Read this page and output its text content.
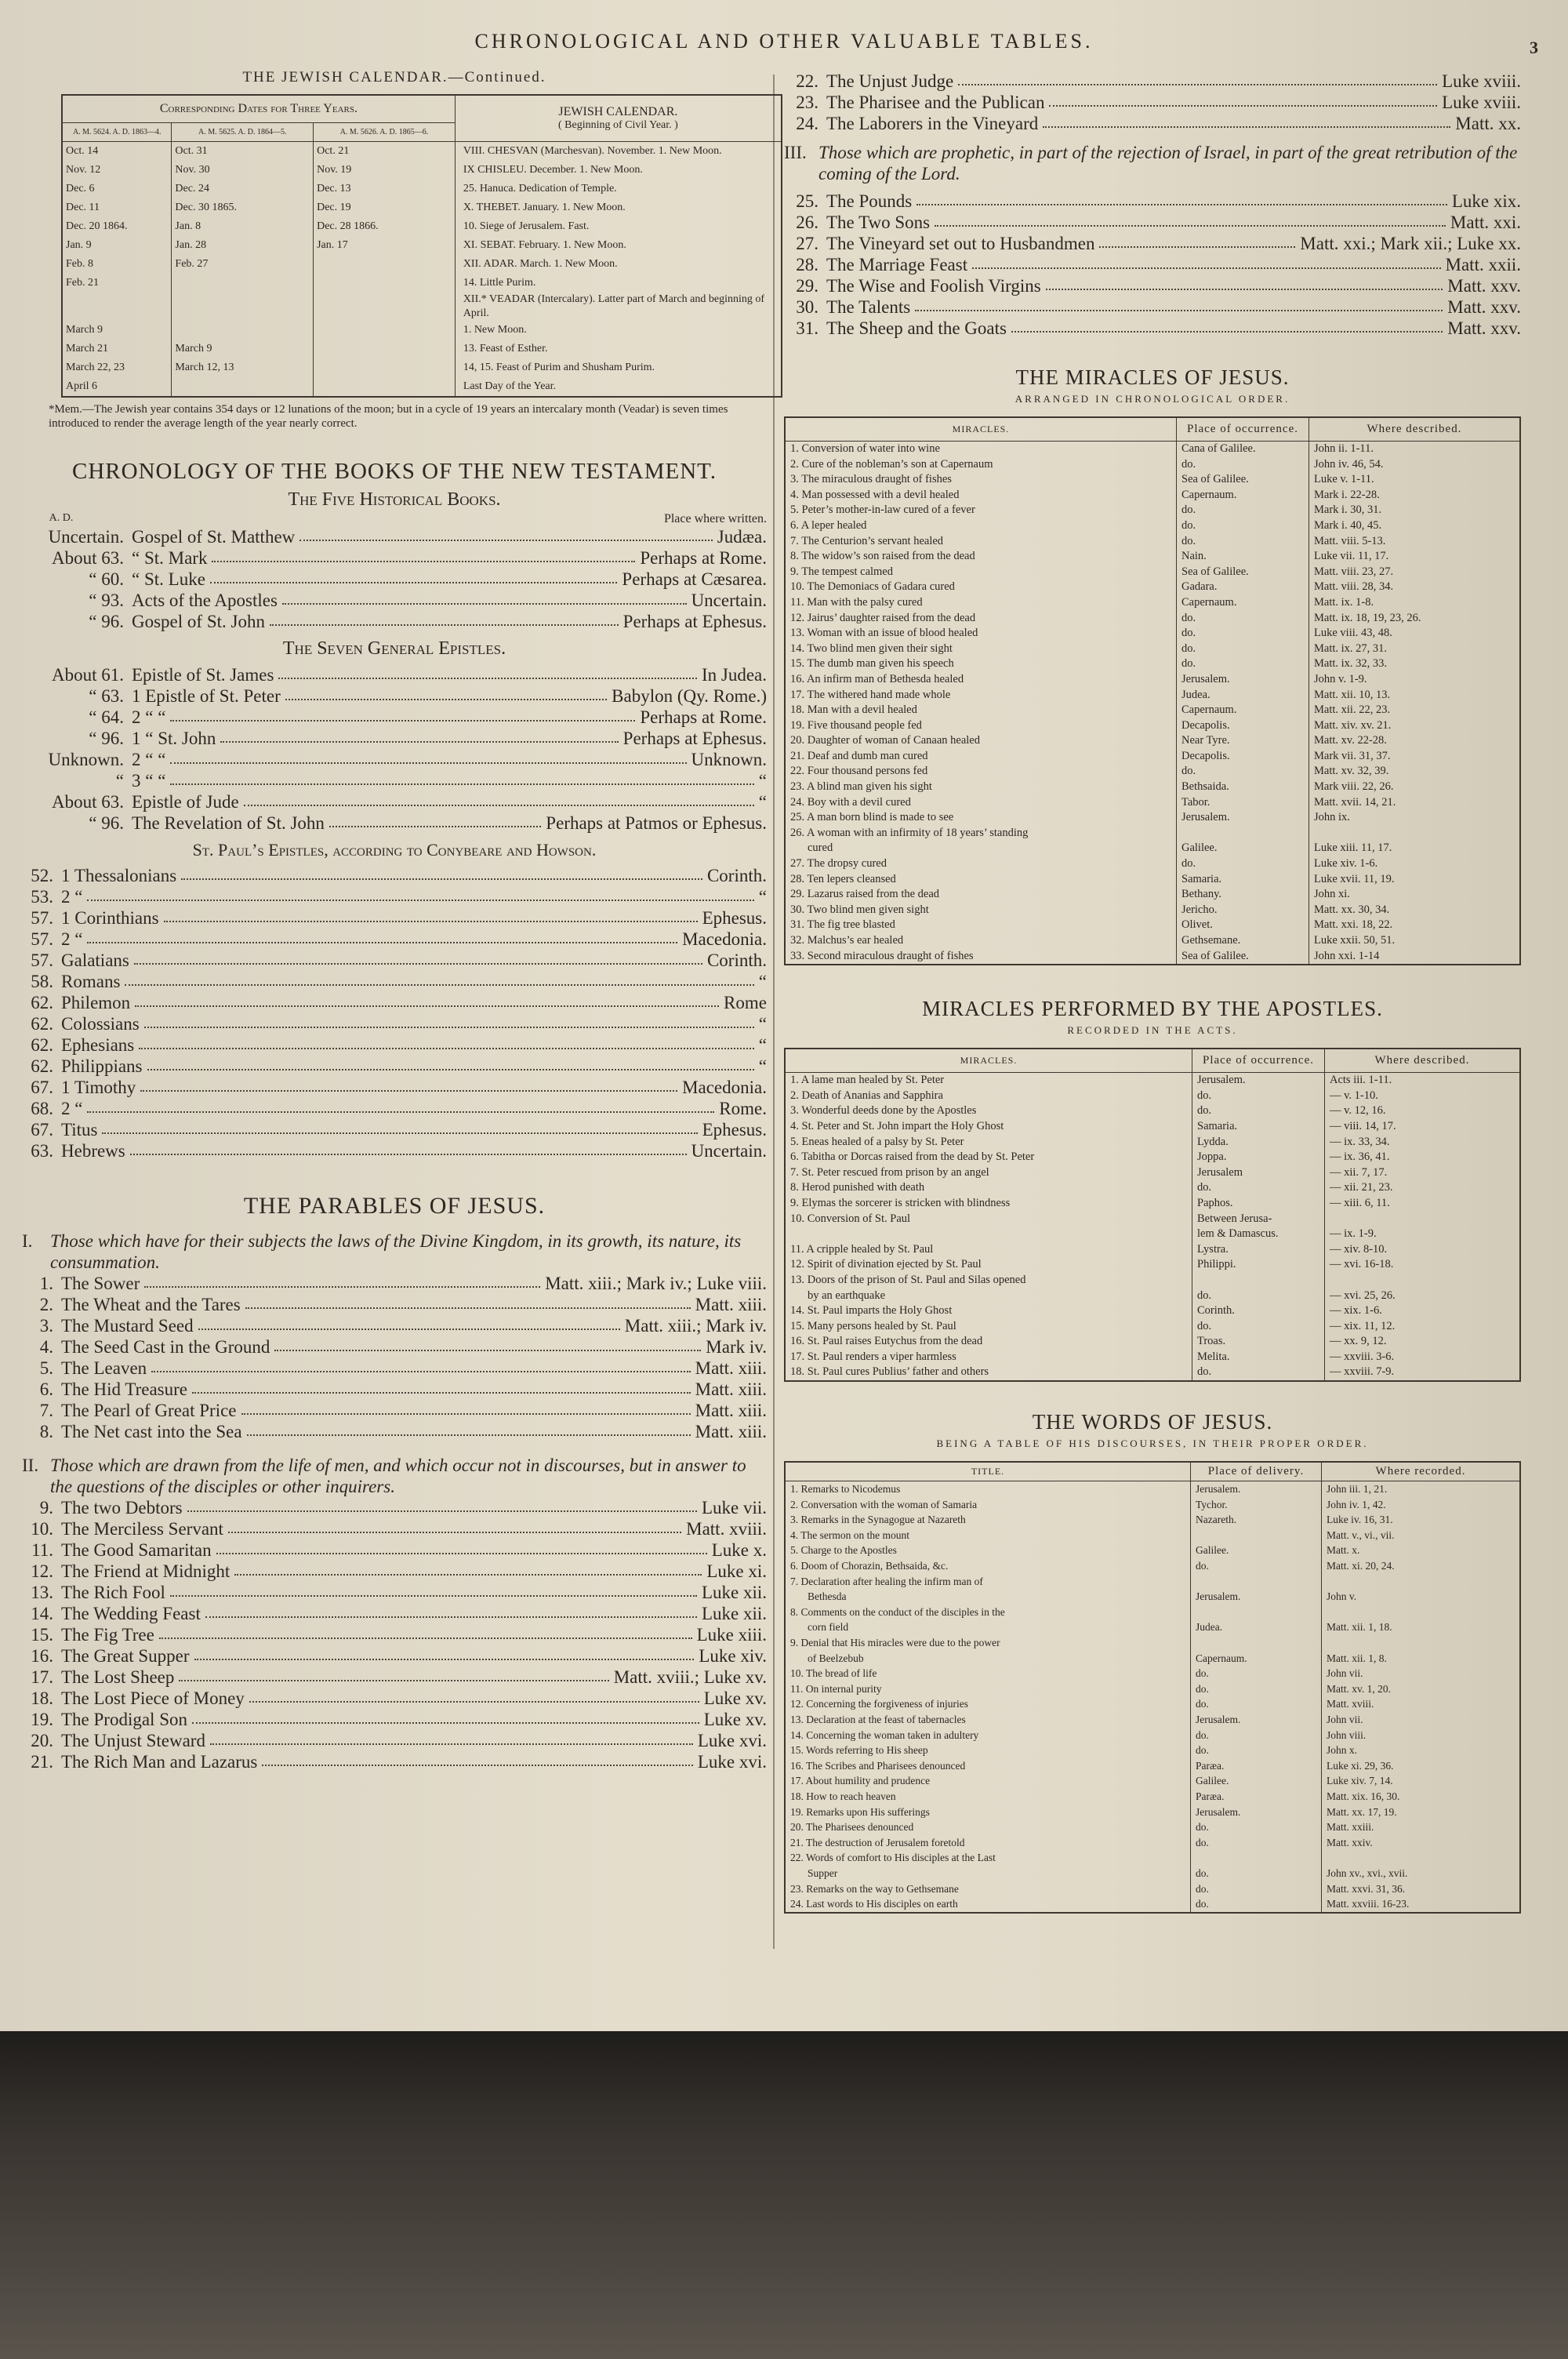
CHRONOLOGICAL AND OTHER VALUABLE TABLES.	3
THE JEWISH CALENDAR.—Continued.
Corresponding Dates for Three Years.			JEWISH CALENDAR.
( Beginning of Civil Year. )

A. M. 5624. A. D. 1863—4.	A. M. 5625. A. D. 1864—5.	A. M. 5626. A. D. 1865—6.	
Oct. 14	Oct. 31	Oct. 21	VIII. CHESVAN (Marchesvan). November. 1. New Moon.
Nov. 12	Nov. 30	Nov. 19	IX CHISLEU. December. 1. New Moon.
Dec. 6	Dec. 24	Dec. 13	25. Hanuca. Dedication of Temple.
Dec. 11	Dec. 30 1865.	Dec. 19	X. THEBET. January. 1. New Moon.
Dec. 20 1864.	Jan. 8	Dec. 28 1866.	10. Siege of Jerusalem. Fast.
Jan. 9	Jan. 28	Jan. 17	XI. SEBAT. February. 1. New Moon.
Feb. 8	Feb. 27		XII. ADAR. March. 1. New Moon.
Feb. 21			14. Little Purim.
			XII.* VEADAR (Intercalary). Latter part of March and beginning of April.
March 9			1. New Moon.
March 21	March 9		13. Feast of Esther.
March 22, 23	March 12, 13		14, 15. Feast of Purim and Shusham Purim.
April 6			Last Day of the Year.

*Mem.—The Jewish year contains 354 days or 12 lunations of the moon; but in a cycle of 19 years an intercalary month (Veadar) is seven times introduced to render the average length of the year nearly correct.

CHRONOLOGY OF THE BOOKS OF THE NEW TESTAMENT.
The Five Historical Books.
A. D.	Place where written.
Uncertain. Gospel of St. Matthew	Judæa.
About 63. “ St. Mark	Perhaps at Rome.
“ 60. “ St. Luke	Perhaps at Cæsarea.
“ 93. Acts of the Apostles	Uncertain.
“ 96. Gospel of St. John	Perhaps at Ephesus.
The Seven General Epistles.
About 61. Epistle of St. James	In Judea.
“ 63. 1 Epistle of St. Peter	Babylon (Qy. Rome.)
“ 64. 2 “ “	Perhaps at Rome.
“ 96. 1 “ St. John	Perhaps at Ephesus.
Unknown. 2 “ “	Unknown.
“ 3 “ “	“
About 63. Epistle of Jude	“
“ 96. The Revelation of St. John	Perhaps at Patmos or Ephesus.
St. Paul’s Epistles, according to Conybeare and Howson.
52. 1 Thessalonians	Corinth.
53. 2 “	“
57. 1 Corinthians	Ephesus.
57. 2 “	Macedonia.
57. Galatians	Corinth.
58. Romans	“
62. Philemon	Rome
62. Colossians	“
62. Ephesians	“
62. Philippians	“
67. 1 Timothy	Macedonia.
68. 2 “	Rome.
67. Titus	Ephesus.
63. Hebrews	Uncertain.
THE PARABLES OF JESUS.
I. Those which have for their subjects the laws of the Divine Kingdom, in its growth, its nature, its consummation.
1. The Sower	Matt. xiii.; Mark iv.; Luke viii.
2. The Wheat and the Tares	Matt. xiii.
3. The Mustard Seed	Matt. xiii.; Mark iv.
4. The Seed Cast in the Ground	Mark iv.
5. The Leaven	Matt. xiii.
6. The Hid Treasure	Matt. xiii.
7. The Pearl of Great Price	Matt. xiii.
8. The Net cast into the Sea	Matt. xiii.
II. Those which are drawn from the life of men, and which occur not in discourses, but in answer to the questions of the disciples or other inquirers.
9. The two Debtors	Luke vii.
10. The Merciless Servant	Matt. xviii.
11. The Good Samaritan	Luke x.
12. The Friend at Midnight	Luke xi.
13. The Rich Fool	Luke xii.
14. The Wedding Feast	Luke xii.
15. The Fig Tree	Luke xiii.
16. The Great Supper	Luke xiv.
17. The Lost Sheep	Matt. xviii.; Luke xv.
18. The Lost Piece of Money	Luke xv.
19. The Prodigal Son	Luke xv.
20. The Unjust Steward	Luke xvi.
21. The Rich Man and Lazarus	Luke xvi.
22. The Unjust Judge	Luke xviii.
23. The Pharisee and the Publican	Luke xviii.
24. The Laborers in the Vineyard	Matt. xx.
III. Those which are prophetic, in part of the rejection of Israel, in part of the great retribution of the coming of the Lord.
25. The Pounds	Luke xix.
26. The Two Sons	Matt. xxi.
27. The Vineyard set out to Husbandmen	Matt. xxi.; Mark xii.; Luke xx.
28. The Marriage Feast	Matt. xxii.
29. The Wise and Foolish Virgins	Matt. xxv.
30. The Talents	Matt. xxv.
31. The Sheep and the Goats	Matt. xxv.
THE MIRACLES OF JESUS.
ARRANGED IN CHRONOLOGICAL ORDER.
MIRACLES.	Place of occurrence.	Where described.
1. Conversion of water into wine	Cana of Galilee.	John ii. 1-11.
2. Cure of the nobleman’s son at Capernaum	do.	John iv. 46, 54.
3. The miraculous draught of fishes	Sea of Galilee.	Luke v. 1-11.
4. Man possessed with a devil healed	Capernaum.	Mark i. 22-28.
5. Peter’s mother-in-law cured of a fever	do.	Mark i. 30, 31.
6. A leper healed	do.	Mark i. 40, 45.
7. The Centurion’s servant healed	do.	Matt. viii. 5-13.
8. The widow’s son raised from the dead	Nain.	Luke vii. 11, 17.
9. The tempest calmed	Sea of Galilee.	Matt. viii. 23, 27.
10. The Demoniacs of Gadara cured	Gadara.	Matt. viii. 28, 34.
11. Man with the palsy cured	Capernaum.	Matt. ix. 1-8.
12. Jairus’ daughter raised from the dead	do.	Matt. ix. 18, 19, 23, 26.
13. Woman with an issue of blood healed	do.	Luke viii. 43, 48.
14. Two blind men given their sight	do.	Matt. ix. 27, 31.
15. The dumb man given his speech	do.	Matt. ix. 32, 33.
16. An infirm man of Bethesda healed	Jerusalem.	John v. 1-9.
17. The withered hand made whole	Judea.	Matt. xii. 10, 13.
18. Man with a devil healed	Capernaum.	Matt. xii. 22, 23.
19. Five thousand people fed	Decapolis.	Matt. xiv. xv. 21.
20. Daughter of woman of Canaan healed	Near Tyre.	Matt. xv. 22-28.
21. Deaf and dumb man cured	Decapolis.	Mark vii. 31, 37.
22. Four thousand persons fed	do.	Matt. xv. 32, 39.
23. A blind man given his sight	Bethsaida.	Mark viii. 22, 26.
24. Boy with a devil cured	Tabor.	Matt. xvii. 14, 21.
25. A man born blind is made to see	Jerusalem.	John ix.
26. A woman with an infirmity of 18 years’ standing		
cured	Galilee.	Luke xiii. 11, 17.
27. The dropsy cured	do.	Luke xiv. 1-6.
28. Ten lepers cleansed	Samaria.	Luke xvii. 11, 19.
29. Lazarus raised from the dead	Bethany.	John xi.
30. Two blind men given sight	Jericho.	Matt. xx. 30, 34.
31. The fig tree blasted	Olivet.	Matt. xxi. 18, 22.
32. Malchus’s ear healed	Gethsemane.	Luke xxii. 50, 51.
33. Second miraculous draught of fishes	Sea of Galilee.	John xxi. 1-14
MIRACLES PERFORMED BY THE APOSTLES.
RECORDED IN THE ACTS.
MIRACLES.	Place of occurrence.	Where described.
1. A lame man healed by St. Peter	Jerusalem.	Acts iii. 1-11.
2. Death of Ananias and Sapphira	do.	— v. 1-10.
3. Wonderful deeds done by the Apostles	do.	— v. 12, 16.
4. St. Peter and St. John impart the Holy Ghost	Samaria.	— viii. 14, 17.
5. Eneas healed of a palsy by St. Peter	Lydda.	— ix. 33, 34.
6. Tabitha or Dorcas raised from the dead by St. Peter	Joppa.	— ix. 36, 41.
7. St. Peter rescued from prison by an angel	Jerusalem	— xii. 7, 17.
8. Herod punished with death	do.	— xii. 21, 23.
9. Elymas the sorcerer is stricken with blindness	Paphos.	— xiii. 6, 11.
10. Conversion of St. Paul	Between Jerusa-	
	lem & Damascus.	— ix. 1-9.
11. A cripple healed by St. Paul	Lystra.	— xiv. 8-10.
12. Spirit of divination ejected by St. Paul	Philippi.	— xvi. 16-18.
13. Doors of the prison of St. Paul and Silas opened		
by an earthquake	do.	— xvi. 25, 26.
14. St. Paul imparts the Holy Ghost	Corinth.	— xix. 1-6.
15. Many persons healed by St. Paul	do.	— xix. 11, 12.
16. St. Paul raises Eutychus from the dead	Troas.	— xx. 9, 12.
17. St. Paul renders a viper harmless	Melita.	— xxviii. 3-6.
18. St. Paul cures Publius’ father and others	do.	— xxviii. 7-9.
THE WORDS OF JESUS.
BEING A TABLE OF HIS DISCOURSES, IN THEIR PROPER ORDER.
TITLE.	Place of delivery.	Where recorded.
1. Remarks to Nicodemus	Jerusalem.	John iii. 1, 21.
2. Conversation with the woman of Samaria	Tychor.	John iv. 1, 42.
3. Remarks in the Synagogue at Nazareth	Nazareth.	Luke iv. 16, 31.
4. The sermon on the mount		Matt. v., vi., vii.
5. Charge to the Apostles	Galilee.	Matt. x.
6. Doom of Chorazin, Bethsaida, &c.	do.	Matt. xi. 20, 24.
7. Declaration after healing the infirm man of		
Bethesda	Jerusalem.	John v.
8. Comments on the conduct of the disciples in the		
corn field	Judea.	Matt. xii. 1, 18.
9. Denial that His miracles were due to the power		
of Beelzebub	Capernaum.	Matt. xii. 1, 8.
10. The bread of life	do.	John vii.
11. On internal purity	do.	Matt. xv. 1, 20.
12. Concerning the forgiveness of injuries	do.	Matt. xviii.
13. Declaration at the feast of tabernacles	Jerusalem.	John vii.
14. Concerning the woman taken in adultery	do.	John viii.
15. Words referring to His sheep	do.	John x.
16. The Scribes and Pharisees denounced	Paræa.	Luke xi. 29, 36.
17. About humility and prudence	Galilee.	Luke xiv. 7, 14.
18. How to reach heaven	Paræa.	Matt. xix. 16, 30.
19. Remarks upon His sufferings	Jerusalem.	Matt. xx. 17, 19.
20. The Pharisees denounced	do.	Matt. xxiii.
21. The destruction of Jerusalem foretold	do.	Matt. xxiv.
22. Words of comfort to His disciples at the Last		
Supper	do.	John xv., xvi., xvii.
23. Remarks on the way to Gethsemane	do.	Matt. xxvi. 31, 36.
24. Last words to His disciples on earth	do.	Matt. xxviii. 16-23.
